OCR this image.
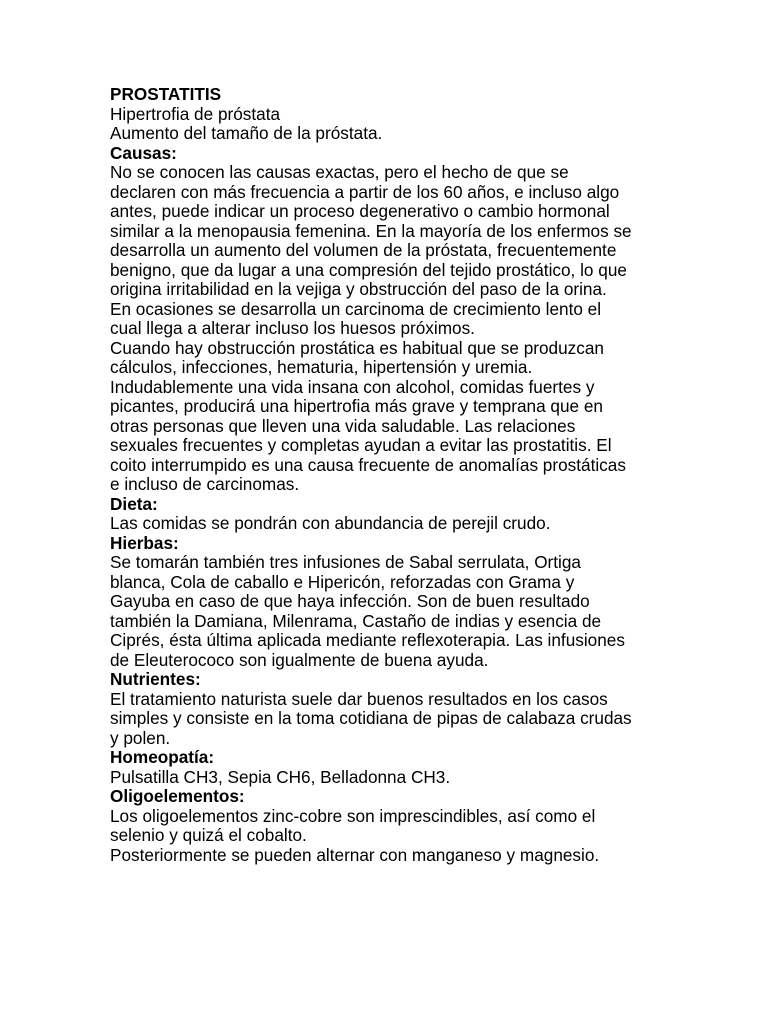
PROSTATITIS
Hipertrofia de próstata
Aumento del tamaño de la próstata.
Causas:
No se conocen las causas exactas, pero el hecho de que se
declaren con más frecuencia a partir de los 60 años, e incluso algo
antes, puede indicar un proceso degenerativo o cambio hormonal
similar a la menopausia femenina. En la mayoría de los enfermos se
desarrolla un aumento del volumen de la próstata, frecuentemente
benigno, que da lugar a una compresión del tejido prostático, lo que
origina irritabilidad en la vejiga y obstrucción del paso de la orina.
En ocasiones se desarrolla un carcinoma de crecimiento lento el
cual llega a alterar incluso los huesos próximos.
Cuando hay obstrucción prostática es habitual que se produzcan
cálculos, infecciones, hematuria, hipertensión y uremia.
Indudablemente una vida insana con alcohol, comidas fuertes y
picantes, producirá una hipertrofia más grave y temprana que en
otras personas que lleven una vida saludable. Las relaciones
sexuales frecuentes y completas ayudan a evitar las prostatitis. El
coito interrumpido es una causa frecuente de anomalías prostáticas
e incluso de carcinomas.
Dieta:
Las comidas se pondrán con abundancia de perejil crudo.
Hierbas:
Se tomarán también tres infusiones de Sabal serrulata, Ortiga
blanca, Cola de caballo e Hipericón, reforzadas con Grama y
Gayuba en caso de que haya infección. Son de buen resultado
también la Damiana, Milenrama, Castaño de indias y esencia de
Ciprés, ésta última aplicada mediante reflexoterapia. Las infusiones
de Eleuterococo son igualmente de buena ayuda.
Nutrientes:
El tratamiento naturista suele dar buenos resultados en los casos
simples y consiste en la toma cotidiana de pipas de calabaza crudas
y polen.
Homeopatía:
Pulsatilla CH3, Sepia CH6, Belladonna CH3.
Oligoelementos:
Los oligoelementos zinc-cobre son imprescindibles, así como el
selenio y quizá el cobalto.
Posteriormente se pueden alternar con manganeso y magnesio.
